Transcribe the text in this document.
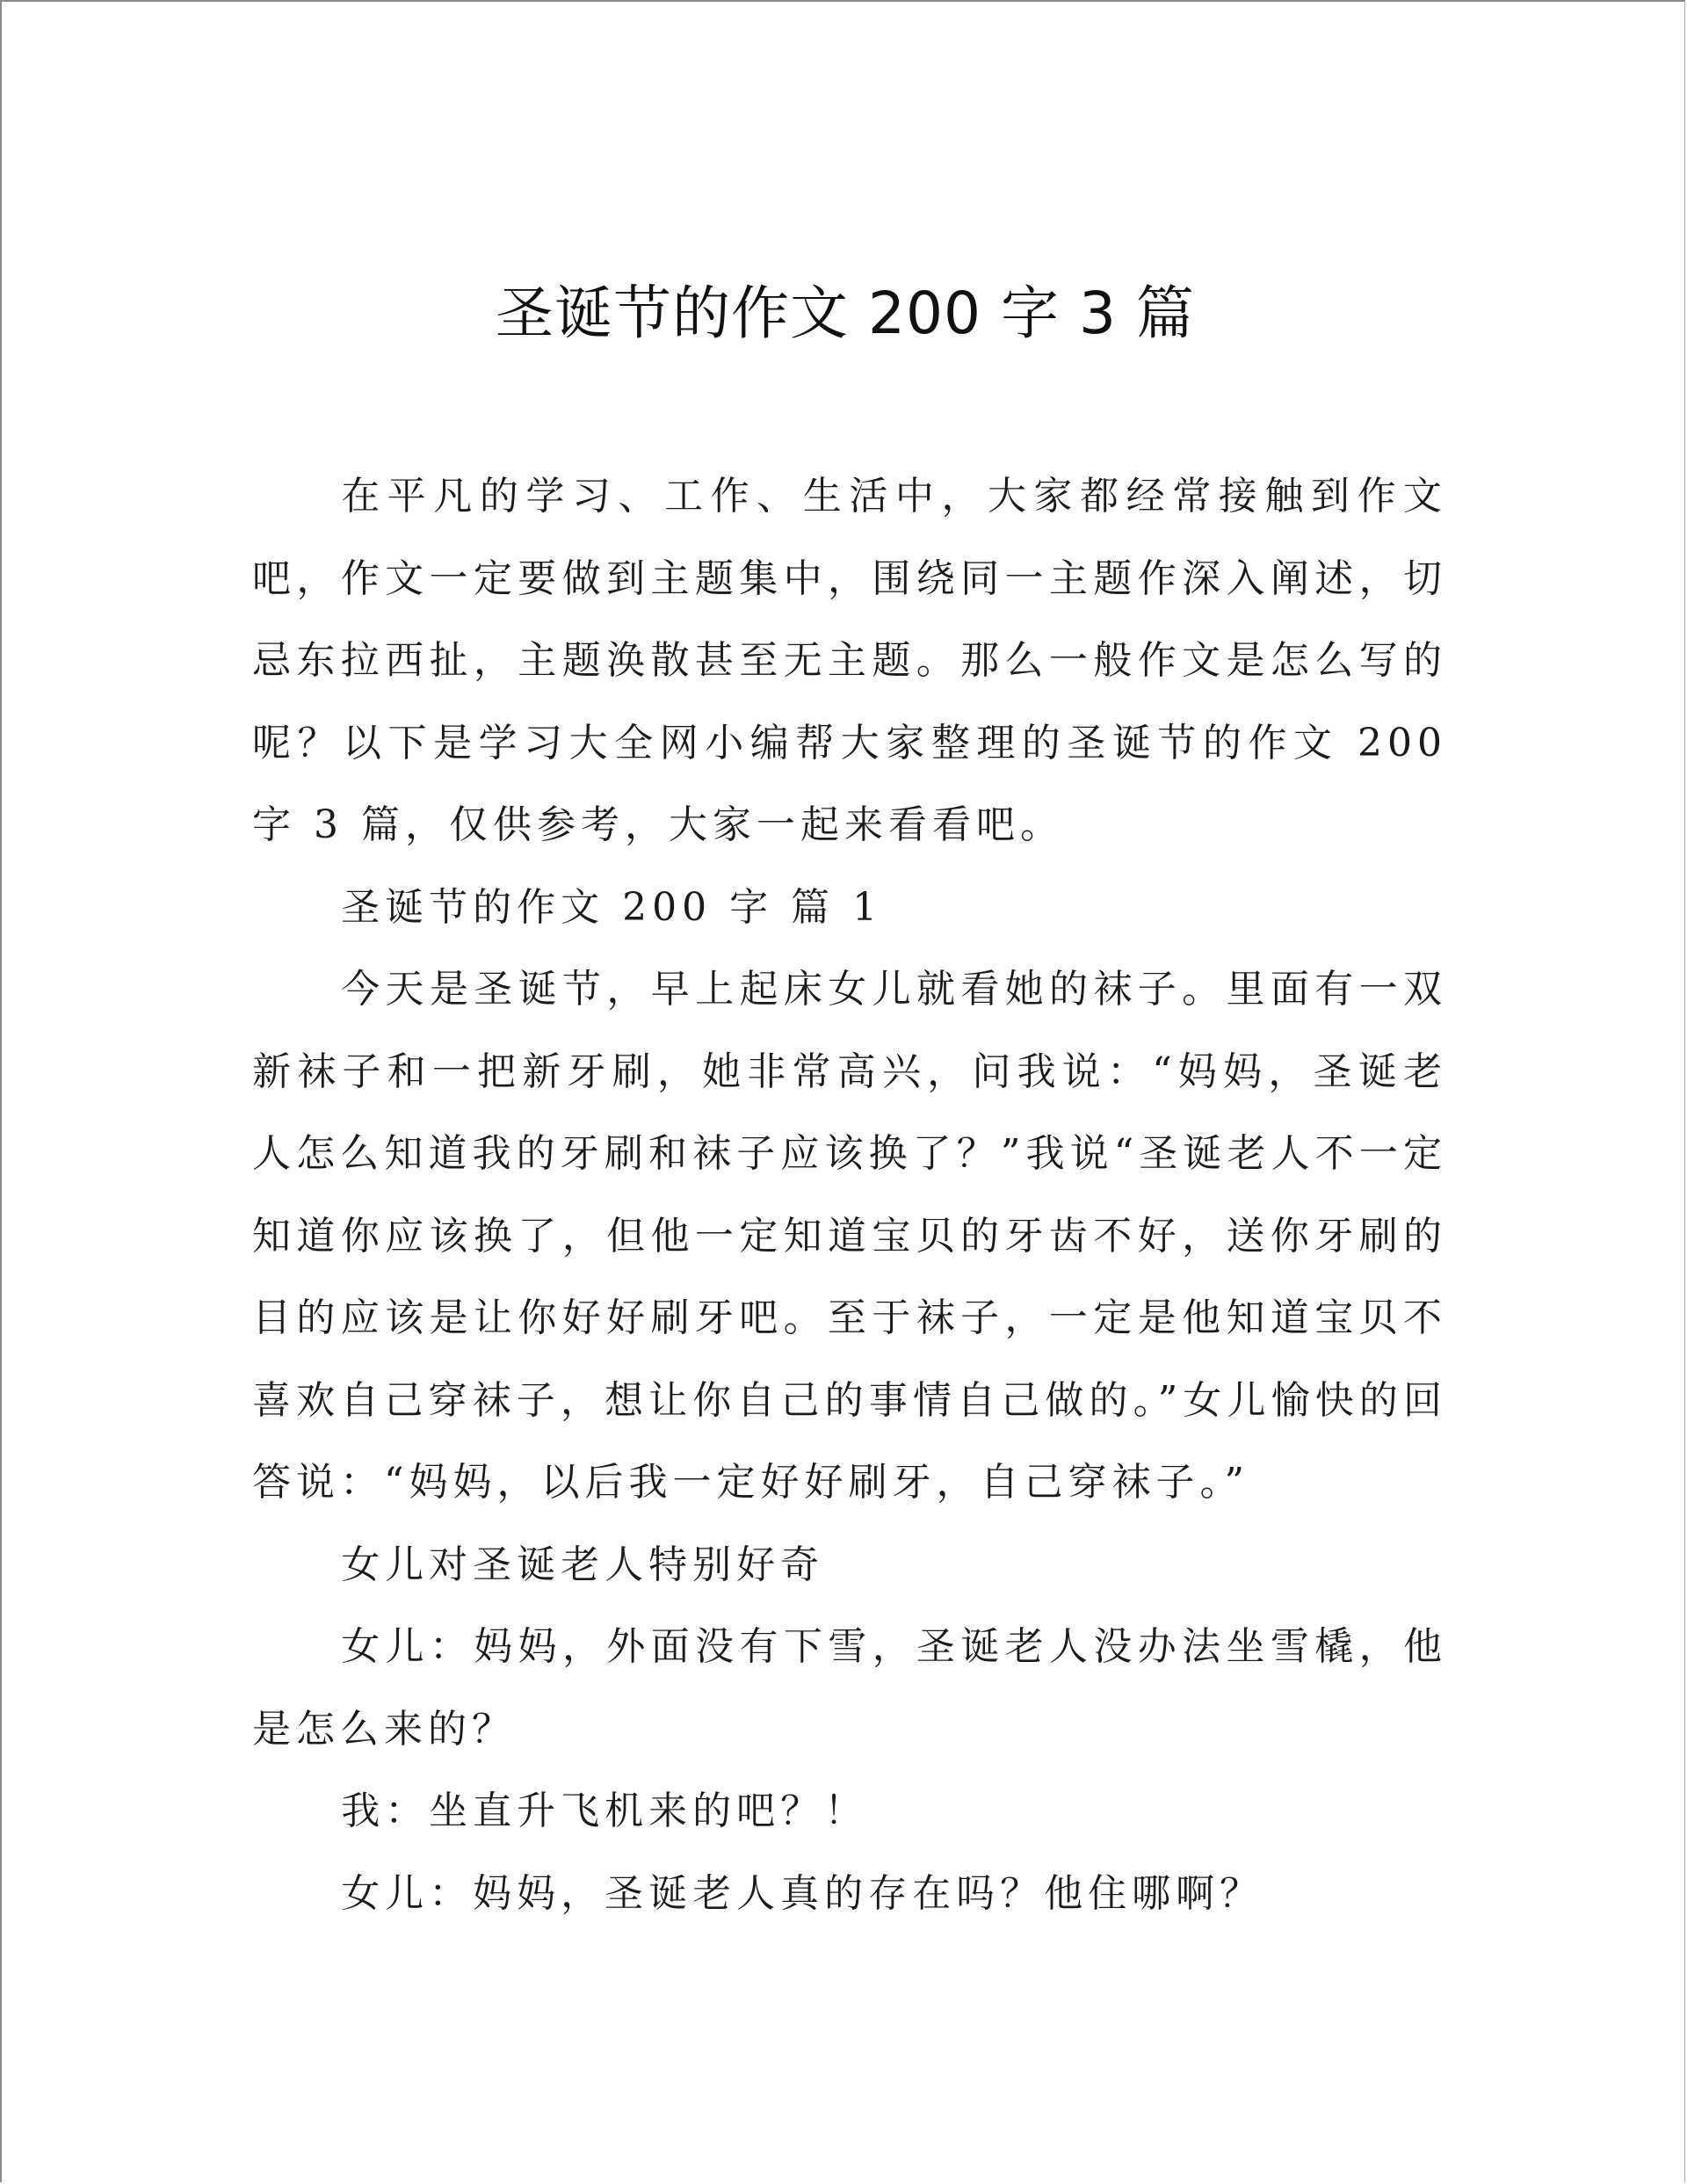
圣诞节的作文 200 字 3 篇

在平凡的学习、工作、生活中，大家都经常接触到作文吧，作文一定要做到主题集中，围绕同一主题作深入阐述，切忌东拉西扯，主题涣散甚至无主题。那么一般作文是怎么写的呢？以下是学习大全网小编帮大家整理的圣诞节的作文 200 字 3 篇，仅供参考，大家一起来看看吧。

圣诞节的作文 200 字 篇 1

今天是圣诞节，早上起床女儿就看她的袜子。里面有一双新袜子和一把新牙刷，她非常高兴，问我说：“妈妈，圣诞老人怎么知道我的牙刷和袜子应该换了？”我说“圣诞老人不一定知道你应该换了，但他一定知道宝贝的牙齿不好，送你牙刷的目的应该是让你好好刷牙吧。至于袜子，一定是他知道宝贝不喜欢自己穿袜子，想让你自己的事情自己做的。”女儿愉快的回答说：“妈妈，以后我一定好好刷牙，自己穿袜子。”

女儿对圣诞老人特别好奇

女儿：妈妈，外面没有下雪，圣诞老人没办法坐雪橇，他是怎么来的？

我：坐直升飞机来的吧？！

女儿：妈妈，圣诞老人真的存在吗？他住哪啊？
